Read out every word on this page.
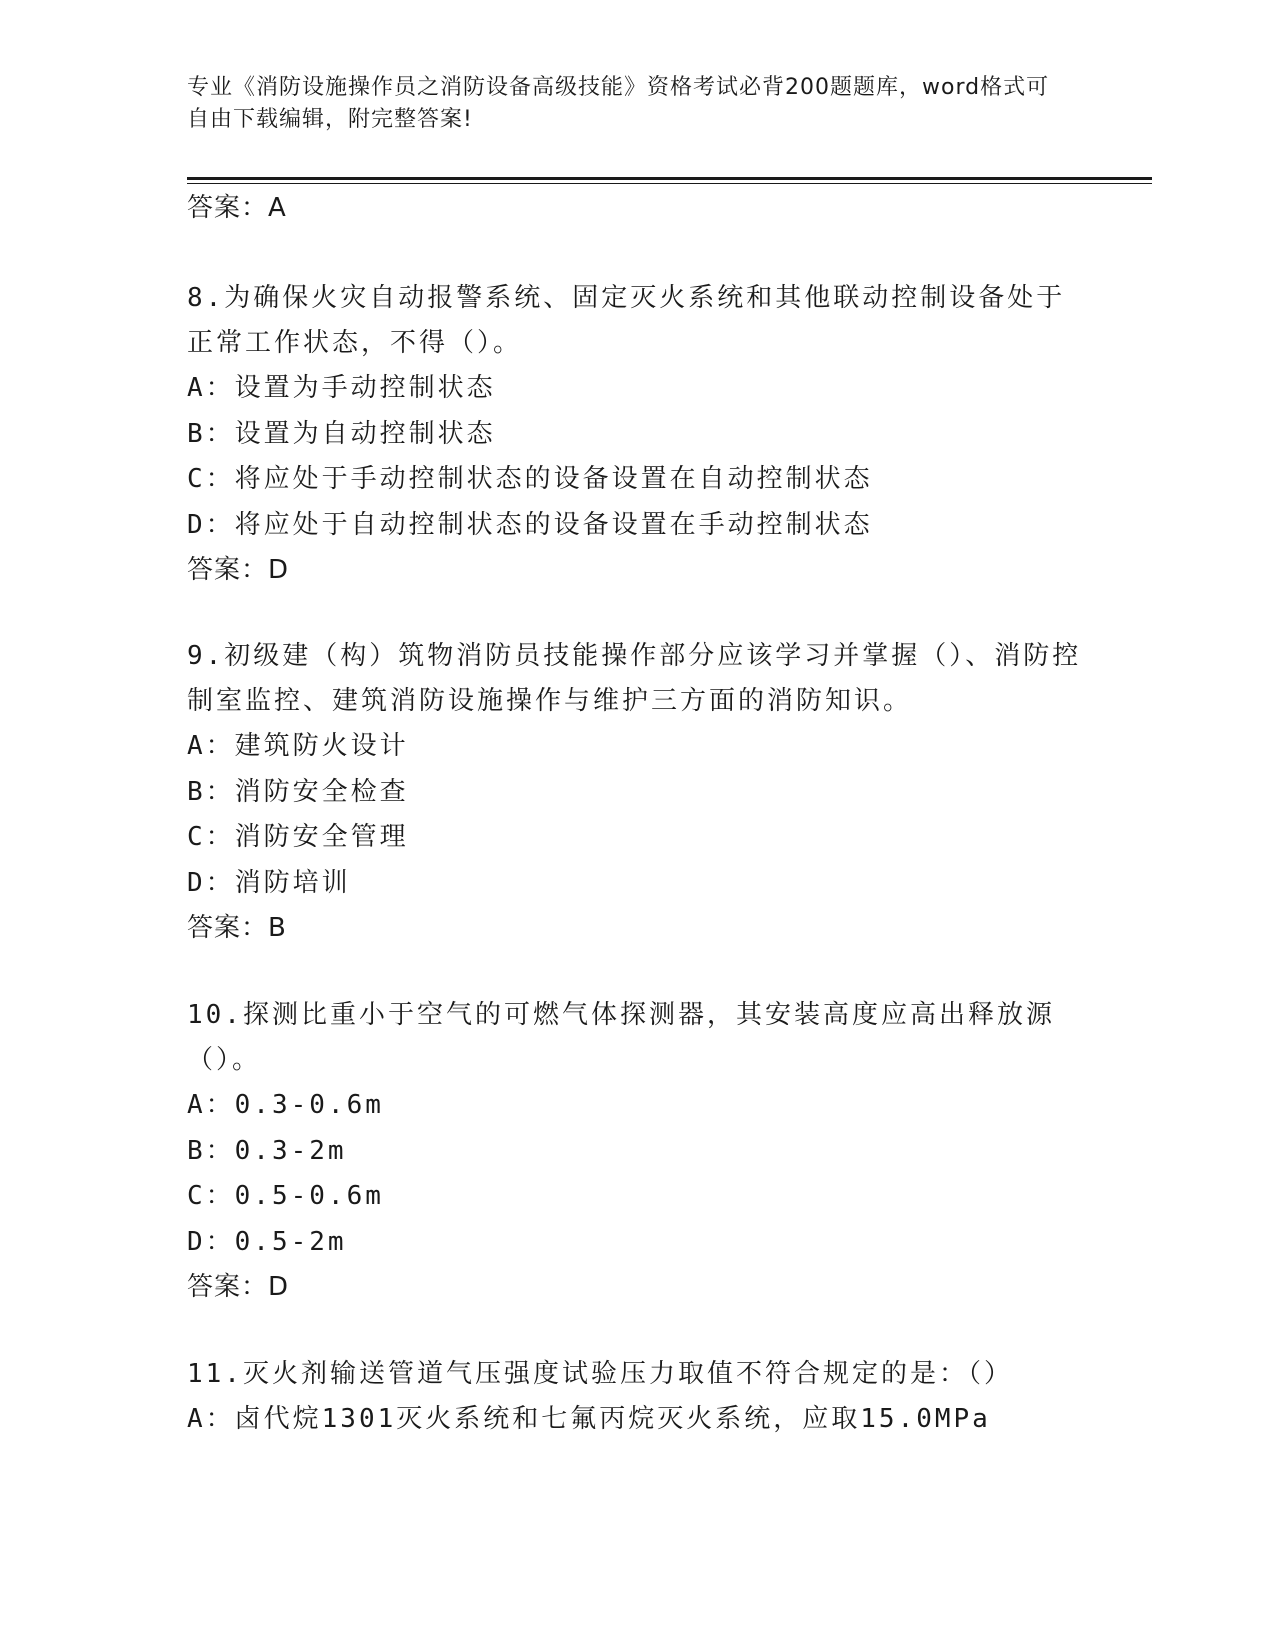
专业《消防设施操作员之消防设备高级技能》资格考试必背200题题库，word格式可自由下载编辑，附完整答案!

答案：A

8.为确保火灾自动报警系统、固定灭火系统和其他联动控制设备处于正常工作状态，不得（）。

A：设置为手动控制状态

B：设置为自动控制状态

C：将应处于手动控制状态的设备设置在自动控制状态

D：将应处于自动控制状态的设备设置在手动控制状态

答案：D

9.初级建（构）筑物消防员技能操作部分应该学习并掌握（）、消防控制室监控、建筑消防设施操作与维护三方面的消防知识。

A：建筑防火设计

B：消防安全检查

C：消防安全管理

D：消防培训

答案：B

10.探测比重小于空气的可燃气体探测器，其安装高度应高出释放源（）。

A：0.3-0.6m

B：0.3-2m

C：0.5-0.6m

D：0.5-2m

答案：D

11.灭火剂输送管道气压强度试验压力取值不符合规定的是：（）

A：卤代烷1301灭火系统和七氟丙烷灭火系统，应取15.0MPa
